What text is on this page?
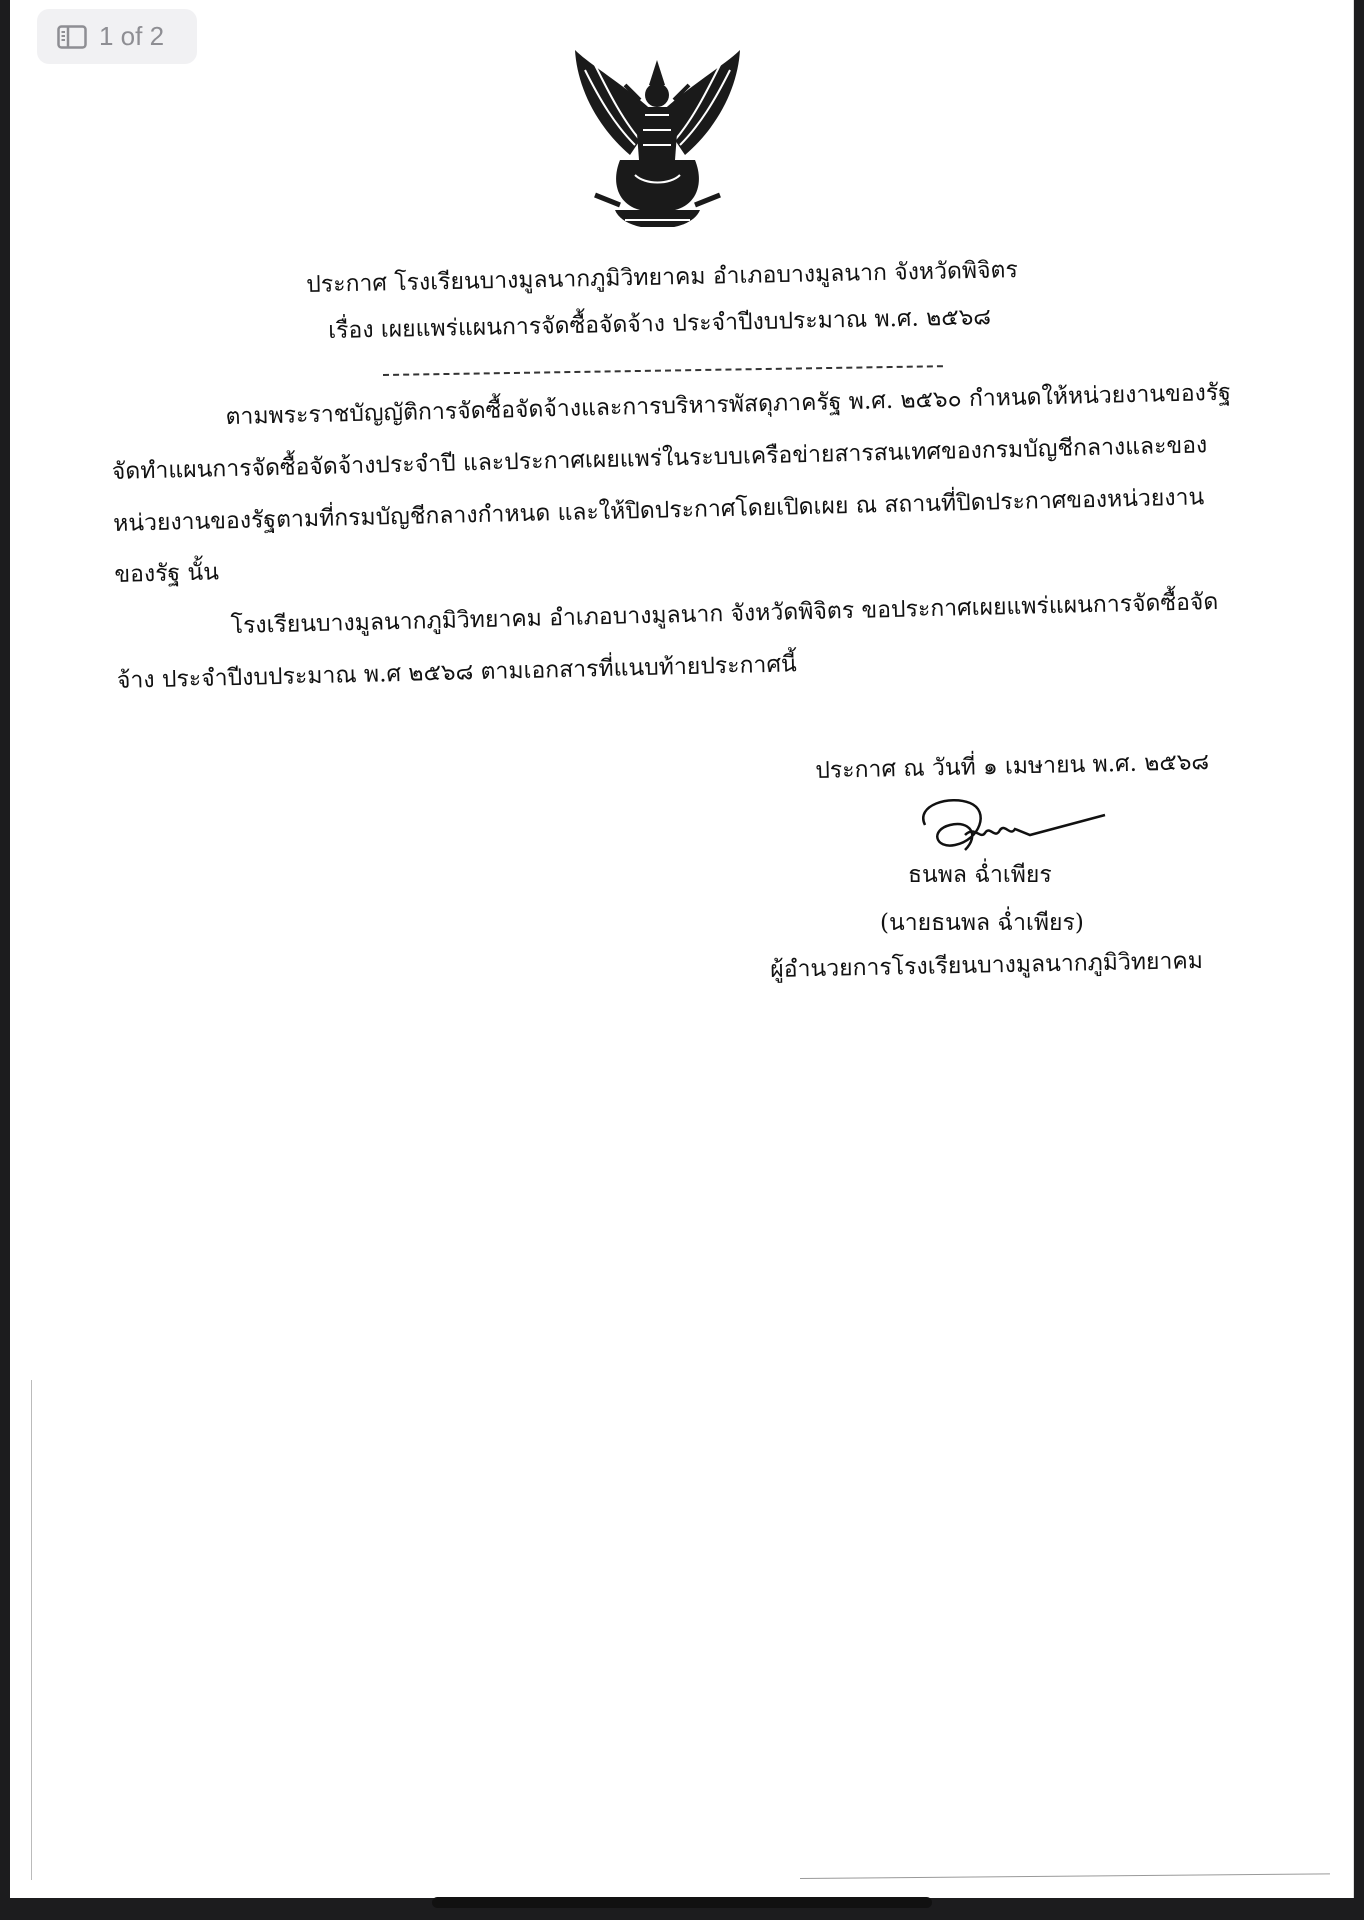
ประกาศ โรงเรียนบางมูลนากภูมิวิทยาคม อำเภอบางมูลนาก จังหวัดพิจิตร
เรื่อง เผยแพร่แผนการจัดซื้อจัดจ้าง ประจำปีงบประมาณ พ.ศ. ๒๕๖๘

ตามพระราชบัญญัติการจัดซื้อจัดจ้างและการบริหารพัสดุภาครัฐ พ.ศ. ๒๕๖๐ กำหนดให้หน่วยงานของรัฐจัดทำแผนการจัดซื้อจัดจ้างประจำปี และประกาศเผยแพร่ในระบบเครือข่ายสารสนเทศของกรมบัญชีกลางและของหน่วยงานของรัฐตามที่กรมบัญชีกลางกำหนด และให้ปิดประกาศโดยเปิดเผย ณ สถานที่ปิดประกาศของหน่วยงานของรัฐ นั้น

โรงเรียนบางมูลนากภูมิวิทยาคม อำเภอบางมูลนาก จังหวัดพิจิตร ขอประกาศเผยแพร่แผนการจัดซื้อจัดจ้าง ประจำปีงบประมาณ พ.ศ ๒๕๖๘ ตามเอกสารที่แนบท้ายประกาศนี้

ประกาศ ณ วันที่ ๑ เมษายน พ.ศ. ๒๕๖๘
ธนพล ฉ่ำเพียร
(นายธนพล ฉ่ำเพียร)
ผู้อำนวยการโรงเรียนบางมูลนากภูมิวิทยาคม
1 of 2
